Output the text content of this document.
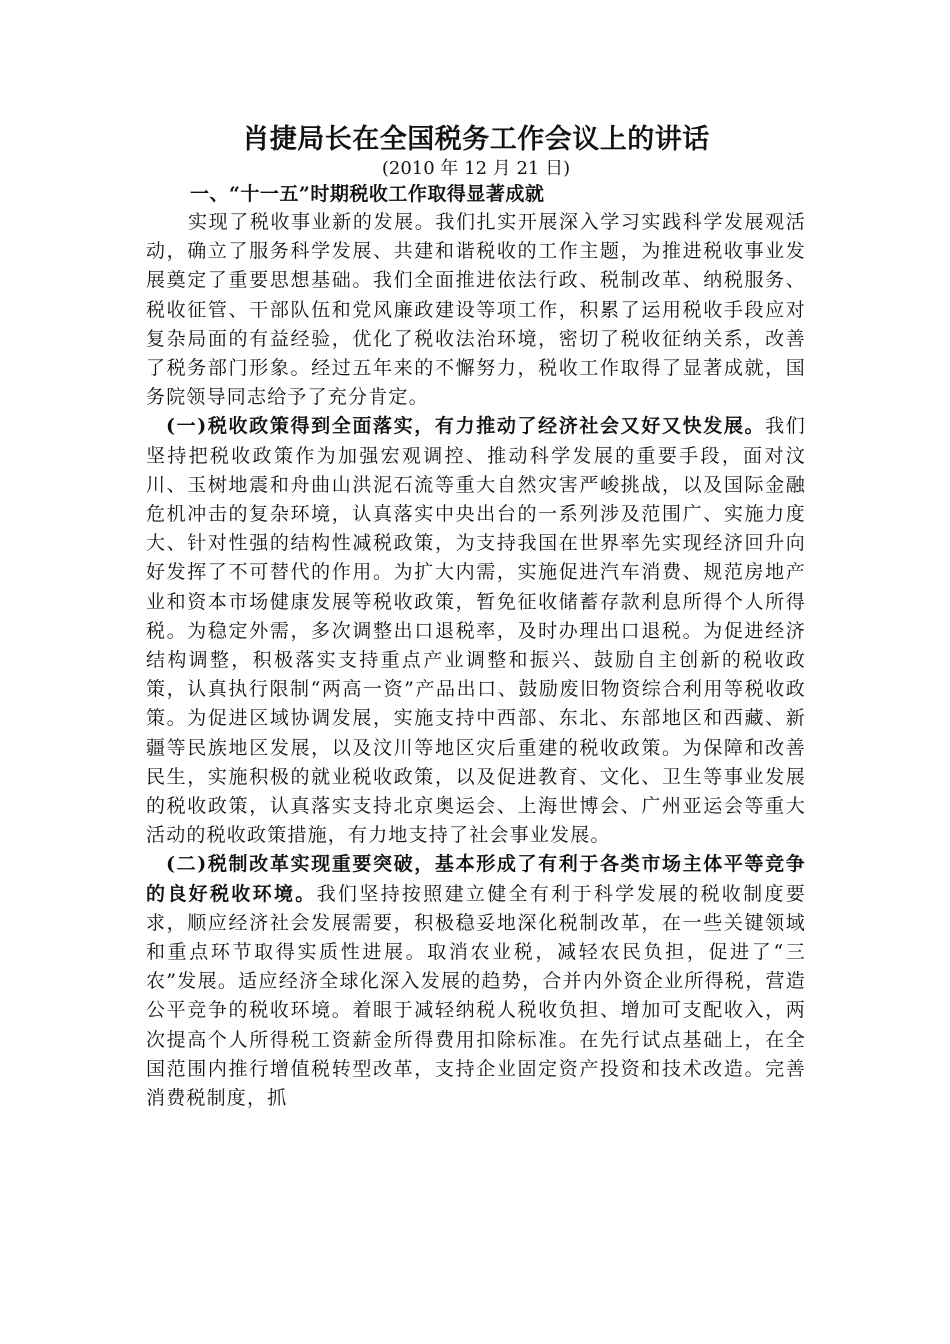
肖捷局长在全国税务工作会议上的讲话

(2010 年 12 月 21 日)

一、“十一五”时期税收工作取得显著成就

实现了税收事业新的发展。我们扎实开展深入学习实践科学发展观活动，确立了服务科学发展、共建和谐税收的工作主题，为推进税收事业发展奠定了重要思想基础。我们全面推进依法行政、税制改革、纳税服务、税收征管、干部队伍和党风廉政建设等项工作，积累了运用税收手段应对复杂局面的有益经验，优化了税收法治环境，密切了税收征纳关系，改善了税务部门形象。经过五年来的不懈努力，税收工作取得了显著成就，国务院领导同志给予了充分肯定。

(一)税收政策得到全面落实，有力推动了经济社会又好又快发展。我们坚持把税收政策作为加强宏观调控、推动科学发展的重要手段，面对汶川、玉树地震和舟曲山洪泥石流等重大自然灾害严峻挑战，以及国际金融危机冲击的复杂环境，认真落实中央出台的一系列涉及范围广、实施力度大、针对性强的结构性减税政策，为支持我国在世界率先实现经济回升向好发挥了不可替代的作用。为扩大内需，实施促进汽车消费、规范房地产业和资本市场健康发展等税收政策，暂免征收储蓄存款利息所得个人所得税。为稳定外需，多次调整出口退税率，及时办理出口退税。为促进经济结构调整，积极落实支持重点产业调整和振兴、鼓励自主创新的税收政策，认真执行限制“两高一资”产品出口、鼓励废旧物资综合利用等税收政策。为促进区域协调发展，实施支持中西部、东北、东部地区和西藏、新疆等民族地区发展，以及汶川等地区灾后重建的税收政策。为保障和改善民生，实施积极的就业税收政策，以及促进教育、文化、卫生等事业发展的税收政策，认真落实支持北京奥运会、上海世博会、广州亚运会等重大活动的税收政策措施，有力地支持了社会事业发展。

(二)税制改革实现重要突破，基本形成了有利于各类市场主体平等竞争的良好税收环境。我们坚持按照建立健全有利于科学发展的税收制度要求，顺应经济社会发展需要，积极稳妥地深化税制改革，在一些关键领域和重点环节取得实质性进展。取消农业税，减轻农民负担，促进了“三农”发展。适应经济全球化深入发展的趋势，合并内外资企业所得税，营造公平竞争的税收环境。着眼于减轻纳税人税收负担、增加可支配收入，两次提高个人所得税工资薪金所得费用扣除标准。在先行试点基础上，在全国范围内推行增值税转型改革，支持企业固定资产投资和技术改造。完善消费税制度，抓
